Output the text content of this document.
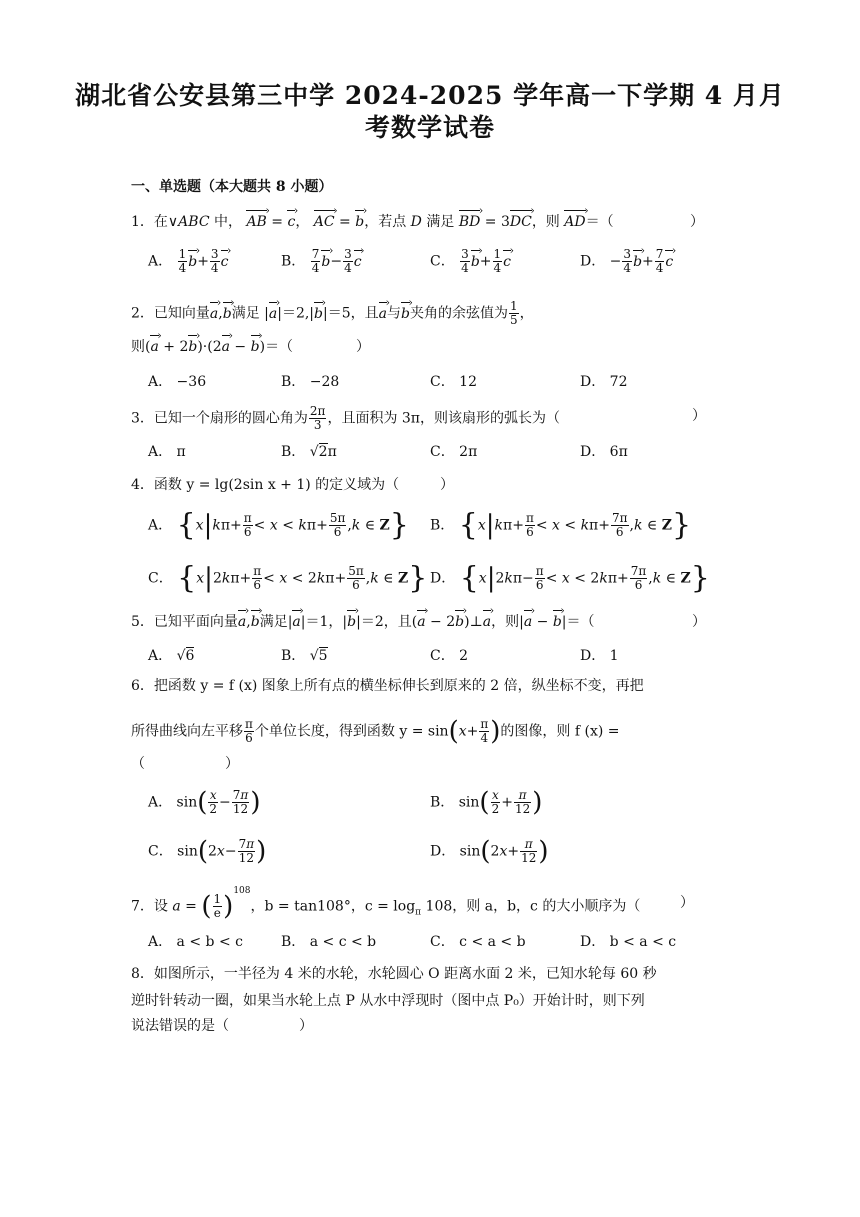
湖北省公安县第三中学 2024-2025 学年高一下学期 4 月月
考数学试卷
一、单选题（本大题共 8 小题）
1．在∨ABC 中， AB › = c ›， AC › = b ›，若点 D 满足 BD › = 3DC ›，则 AD ›＝（	）
A． $\frac{1}{4}$ b ›+ $\frac{3}{4}$ c ›	B． $\frac{7}{4}$ b ›− $\frac{3}{4}$ c ›	C． $\frac{3}{4}$ b ›+ $\frac{1}{4}$ c ›	D． − $\frac{3}{4}$ b ›+ $\frac{7}{4}$ c ›
2．已知向量a ›,b ›满足 |a ›|＝2,|b ›|＝5，且a ›与b ›夹角的余弦值为 $\frac{1}{5}$ ，
则(a › + 2b ›)·(2a › − b ›)＝（	）
A． −36	B． −28	C． 12	D． 72
3．已知一个扇形的圆心角为 $\frac{2\pi}{3}$ ，且面积为 3π，则该扇形的弧长为（	）
A． π	B． √2π	C． 2π	D． 6π
4．函数 y = lg(2sin x + 1) 的定义域为（	）
A． {$x|k\pi+ \frac{\pi}{6} < x < k\pi+ \frac{5\pi}{6} ,k$ ∈ Z} B． {$x|k\pi+ \frac{\pi}{6} < x < k\pi+ \frac{7\pi}{6} ,k$ ∈ Z}
C． {$x|2k\pi+ \frac{\pi}{6} < x < 2k\pi+ \frac{5\pi}{6} ,k$ ∈ Z} D． {$x|2k\pi- \frac{\pi}{6} < x < 2k\pi+ \frac{7\pi}{6} ,k$ ∈ Z}
5．已知平面向量a ›,b ›满足|a ›|＝1，|b ›|＝2，且(a › − 2b ›)⊥a ›，则|a › − b ›|＝（	）
A． √6	B． √5	C． 2	D． 1
6．把函数 y = f (x) 图象上所有点的横坐标伸长到原来的 2 倍，纵坐标不变，再把
所得曲线向左平移 $\frac{\pi}{6}$ 个单位长度，得到函数 $y = \sin(x+ \frac{\pi}{4}$ )的图像，则 f (x) =
（	）
A． $\sin( \frac{x}{2} - \frac{7\pi}{12}$ )	B． $\sin( \frac{x}{2} + \frac{\pi}{12}$ )
C． $\sin(2x- \frac{7\pi}{12}$ )	D． $\sin(2x+ \frac{\pi}{12}$ )
7．设 a = ( $\frac{1}{e} )^{108}$，b = tan108°，$c = \log_\pi 108$，则 a，b，c 的大小顺序为（	）
A． a < b < c	B． a < c < b	C． c < a < b	D． b < a < c
8．如图所示，一半径为 4 米的水轮，水轮圆心 O 距离水面 2 米，已知水轮每 60 秒
逆时针转动一圈，如果当水轮上点 P 从水中浮现时（图中点 P₀）开始计时，则下列
说法错误的是（	）
